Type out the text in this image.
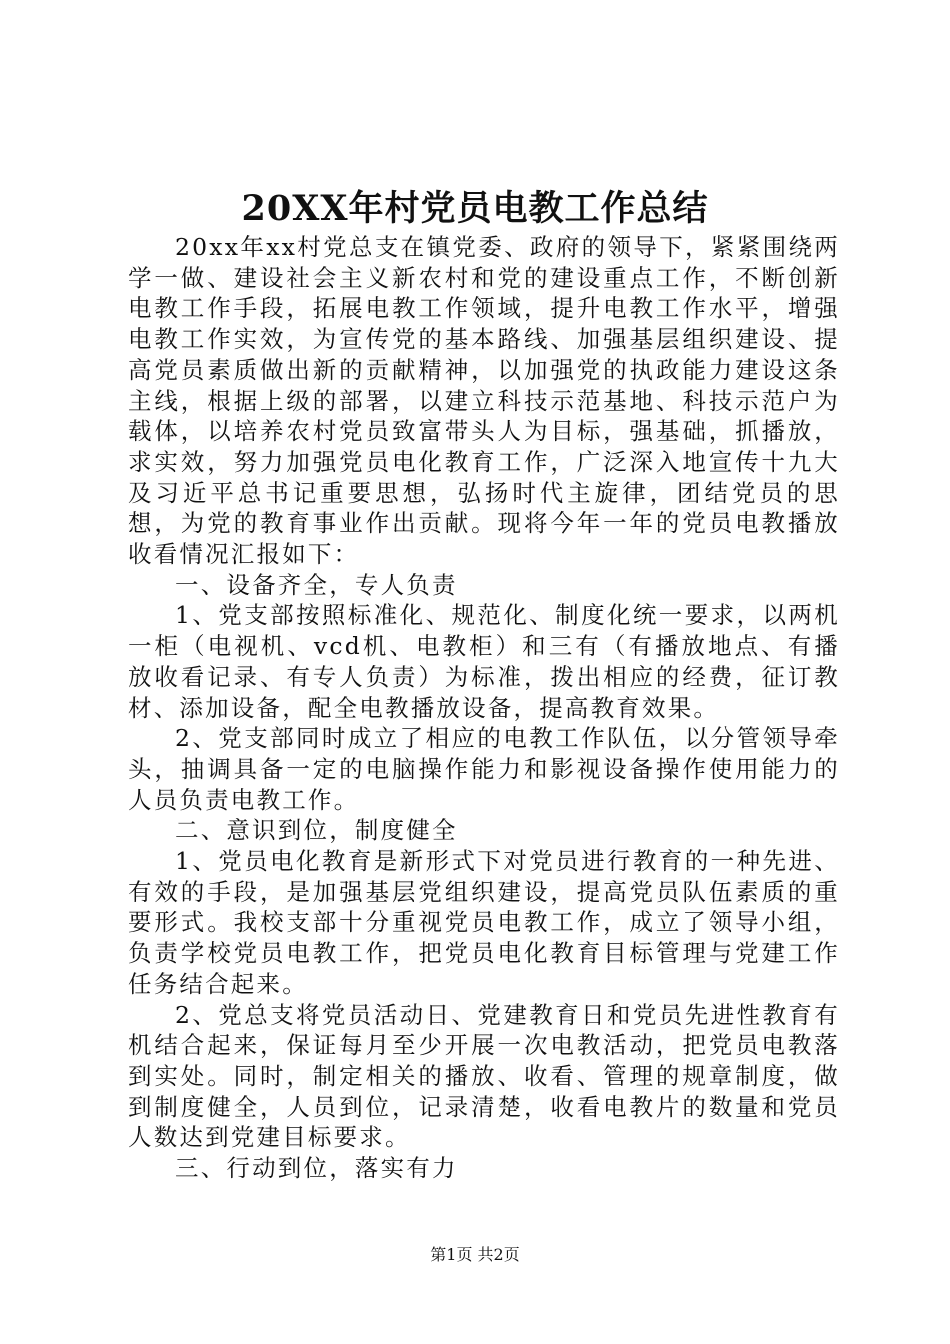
20XX年村党员电教工作总结

20xx年xx村党总支在镇党委、政府的领导下，紧紧围绕两学一做、建设社会主义新农村和党的建设重点工作，不断创新电教工作手段，拓展电教工作领域，提升电教工作水平，增强电教工作实效，为宣传党的基本路线、加强基层组织建设、提高党员素质做出新的贡献精神，以加强党的执政能力建设这条主线，根据上级的部署，以建立科技示范基地、科技示范户为载体，以培养农村党员致富带头人为目标，强基础，抓播放，求实效，努力加强党员电化教育工作，广泛深入地宣传十九大及习近平总书记重要思想，弘扬时代主旋律，团结党员的思想，为党的教育事业作出贡献。现将今年一年的党员电教播放收看情况汇报如下：

一、设备齐全，专人负责

1、党支部按照标准化、规范化、制度化统一要求，以两机一柜（电视机、vcd机、电教柜）和三有（有播放地点、有播放收看记录、有专人负责）为标准，拨出相应的经费，征订教材、添加设备，配全电教播放设备，提高教育效果。

2、党支部同时成立了相应的电教工作队伍，以分管领导牵头，抽调具备一定的电脑操作能力和影视设备操作使用能力的人员负责电教工作。

二、意识到位，制度健全

1、党员电化教育是新形式下对党员进行教育的一种先进、有效的手段，是加强基层党组织建设，提高党员队伍素质的重要形式。我校支部十分重视党员电教工作，成立了领导小组，负责学校党员电教工作，把党员电化教育目标管理与党建工作任务结合起来。

2、党总支将党员活动日、党建教育日和党员先进性教育有机结合起来，保证每月至少开展一次电教活动，把党员电教落到实处。同时，制定相关的播放、收看、管理的规章制度，做到制度健全，人员到位，记录清楚，收看电教片的数量和党员人数达到党建目标要求。

三、行动到位，落实有力

第1页 共2页
